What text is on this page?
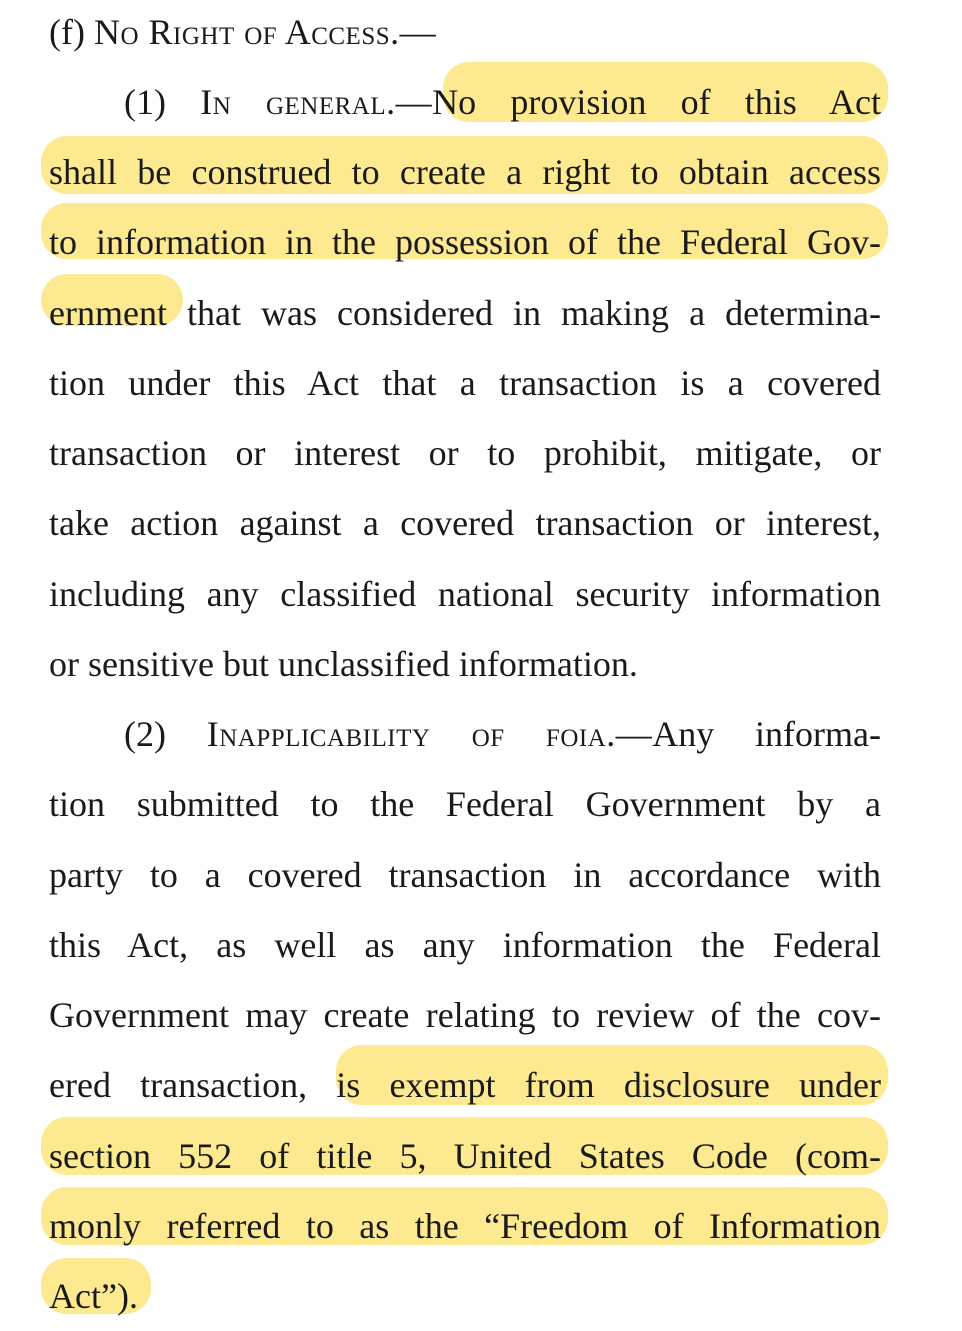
(f) No Right of Access.—
(1) In general.—No provision of this Act
shall be construed to create a right to obtain access
to information in the possession of the Federal Gov-
ernment that was considered in making a determina-
tion under this Act that a transaction is a covered
transaction or interest or to prohibit, mitigate, or
take action against a covered transaction or interest,
including any classified national security information
or sensitive but unclassified information.
(2) Inapplicability of foia.—Any informa-
tion submitted to the Federal Government by a
party to a covered transaction in accordance with
this Act, as well as any information the Federal
Government may create relating to review of the cov-
ered transaction, is exempt from disclosure under
section 552 of title 5, United States Code (com-
monly referred to as the “Freedom of Information
Act”).
